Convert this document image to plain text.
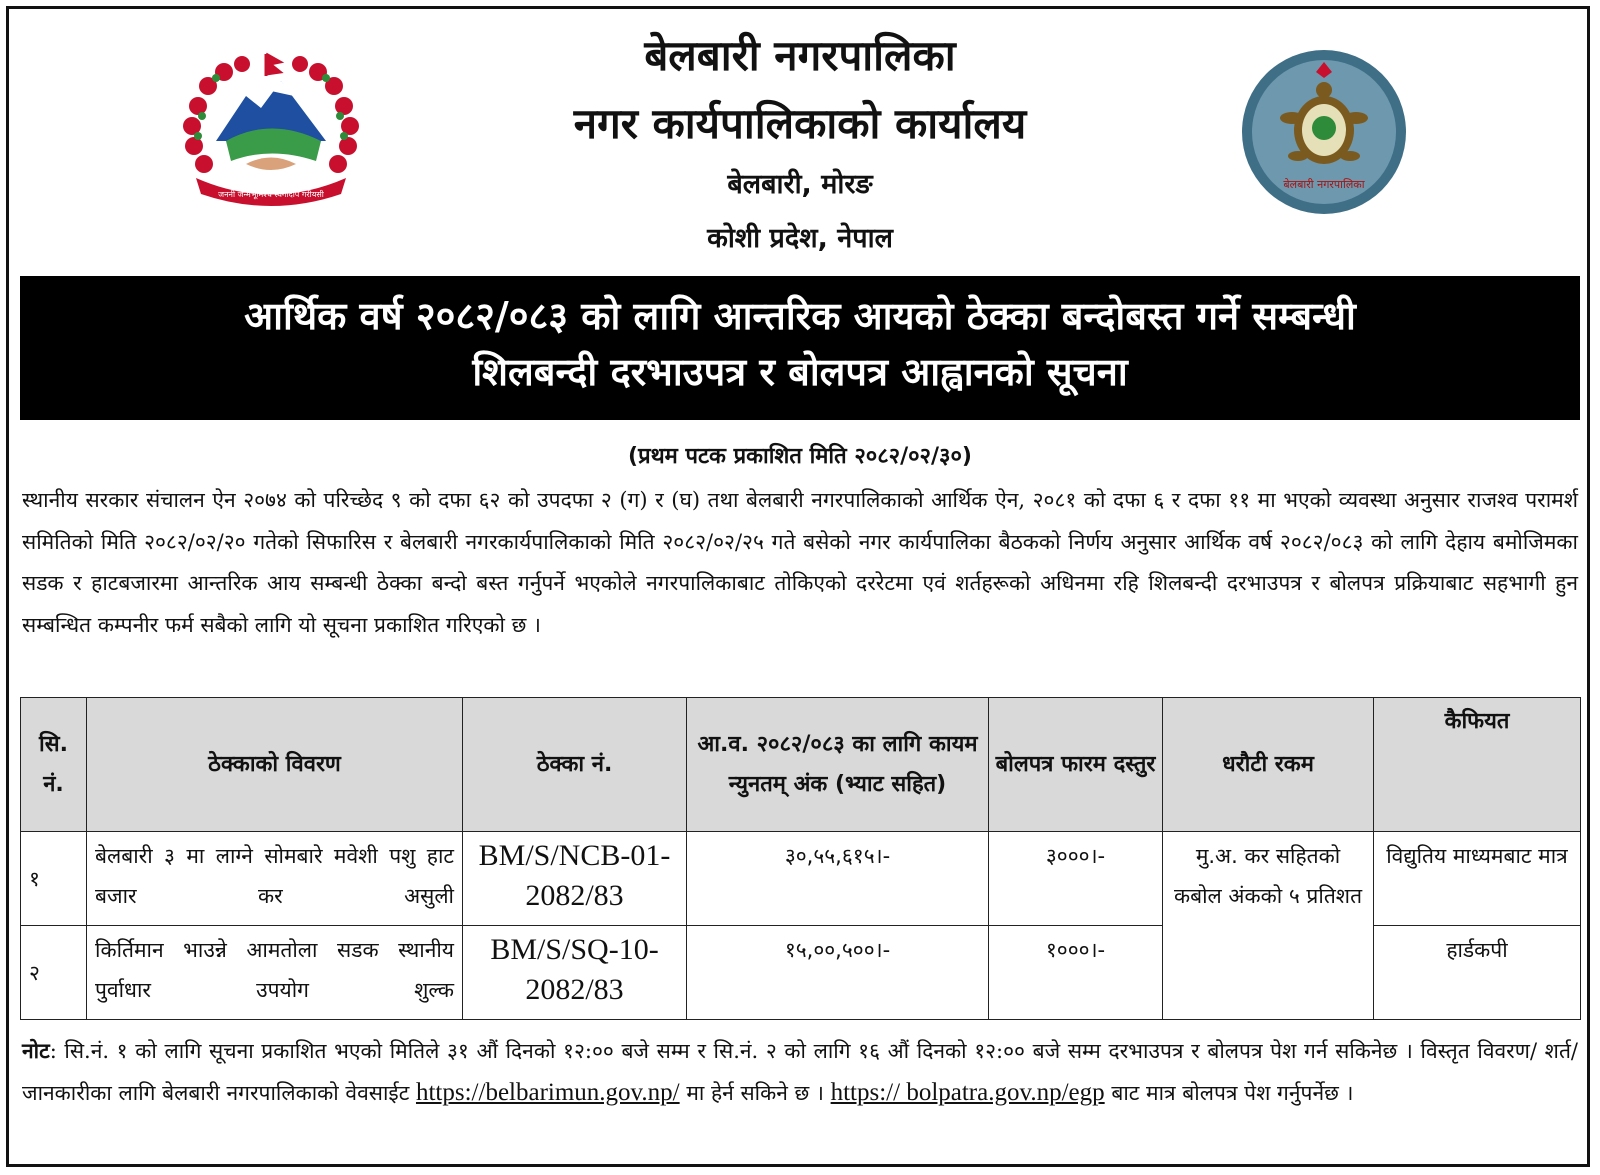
जननी जन्मभूमिश्च स्वर्गादपि गरीयसी
बेलबारी नगरपालिका
बेलबारी नगरपालिका
नगर कार्यपालिकाको कार्यालय
बेलबारी, मोरङ
कोशी प्रदेश, नेपाल
आर्थिक वर्ष २०८२/०८३ को लागि आन्तरिक आयको ठेक्का बन्दोबस्त गर्ने सम्बन्धी
शिलबन्दी दरभाउपत्र र बोलपत्र आह्वानको सूचना
(प्रथम पटक प्रकाशित मिति २०८२/०२/३०)
स्थानीय सरकार संचालन ऐन २०७४ को परिच्छेद ९ को दफा ६२ को उपदफा २ (ग) र (घ) तथा बेलबारी नगरपालिकाको आर्थिक ऐन, २०८१ को दफा ६ र दफा ११ मा भएको व्यवस्था अनुसार राजश्व परामर्श समितिको मिति २०८२/०२/२० गतेको सिफारिस र बेलबारी नगरकार्यपालिकाको मिति २०८२/०२/२५ गते बसेको नगर कार्यपालिका बैठकको निर्णय अनुसार आर्थिक वर्ष २०८२/०८३ को लागि देहाय बमोजिमका सडक र हाटबजारमा आन्तरिक आय सम्बन्धी ठेक्का बन्दो बस्त गर्नुपर्ने भएकोले नगरपालिकाबाट तोकिएको दररेटमा एवं शर्तहरूको अधिनमा रहि शिलबन्दी दरभाउपत्र र बोलपत्र प्रक्रियाबाट सहभागी हुन सम्बन्धित कम्पनीर फर्म सबैको लागि यो सूचना प्रकाशित गरिएको छ ।
सि. नं.	ठेक्काको विवरण	ठेक्का नं.	आ.व. २०८२/०८३ का लागि कायम न्युनतम् अंक (भ्याट सहित)	बोलपत्र फारम दस्तुर	धरौटी रकम	कैफियत
१	बेलबारी ३ मा लाग्ने सोमबारे मवेशी पशु हाट बजार कर असुली	BM/S/NCB-01-2082/83	३०,५५,६१५।-	३०००।-	मु.अ. कर सहितको कबोल अंकको ५ प्रतिशत	विद्युतिय माध्यमबाट मात्र
२	किर्तिमान भाउन्ने आमतोला सडक स्थानीय पुर्वाधार उपयोग शुल्क	BM/S/SQ-10-2082/83	१५,००,५००।-	१०००।-		हार्डकपी
नोट: सि.नं. १ को लागि सूचना प्रकाशित भएको मितिले ३१ औं दिनको १२:०० बजे सम्म र सि.नं. २ को लागि १६ औं दिनको १२:०० बजे सम्म दरभाउपत्र र बोलपत्र पेश गर्न सकिनेछ । विस्तृत विवरण/ शर्त/ जानकारीका लागि बेलबारी नगरपालिकाको वेवसाईट https://belbarimun.gov.np/ मा हेर्न सकिने छ । https:// bolpatra.gov.np/egp बाट मात्र बोलपत्र पेश गर्नुपर्नेछ ।
